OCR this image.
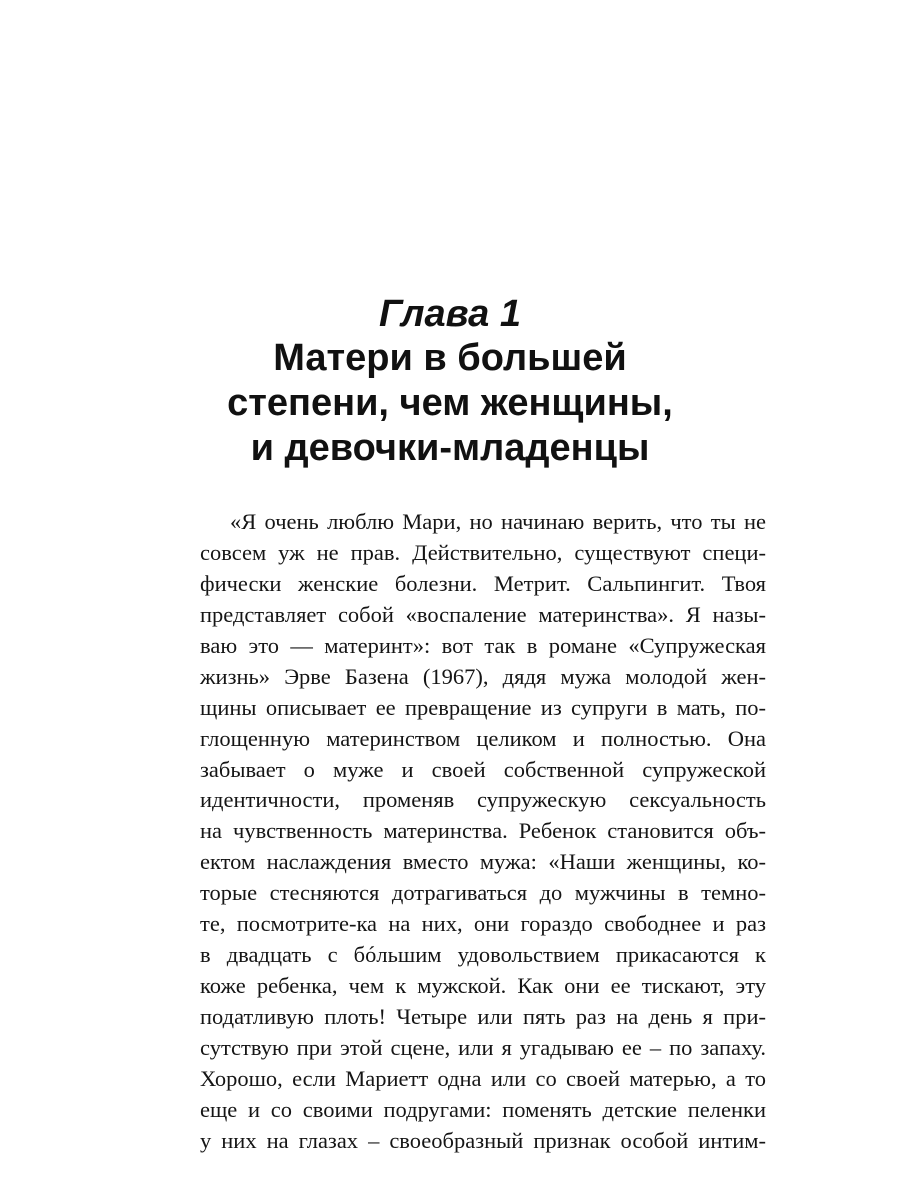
Глава 1
Матери в большей
степени, чем женщины,
и девочки-младенцы
«Я очень люблю Мари, но начинаю верить, что ты не
совсем уж не прав. Действительно, существуют специ-
фически женские болезни. Метрит. Сальпингит. Твоя
представляет собой «воспаление материнства». Я назы-
ваю это — материнт»: вот так в романе «Супружеская
жизнь» Эрве Базена (1967), дядя мужа молодой жен-
щины описывает ее превращение из супруги в мать, по-
глощенную материнством целиком и полностью. Она
забывает о муже и своей собственной супружеской
идентичности, променяв супружескую сексуальность
на чувственность материнства. Ребенок становится объ-
ектом наслаждения вместо мужа: «Наши женщины, ко-
торые стесняются дотрагиваться до мужчины в темно-
те, посмотрите-ка на них, они гораздо свободнее и раз
в двадцать с бóльшим удовольствием прикасаются к
коже ребенка, чем к мужской. Как они ее тискают, эту
податливую плоть! Четыре или пять раз на день я при-
сутствую при этой сцене, или я угадываю ее – по запаху.
Хорошо, если Мариетт одна или со своей матерью, а то
еще и со своими подругами: поменять детские пеленки
у них на глазах – своеобразный признак особой интим-
